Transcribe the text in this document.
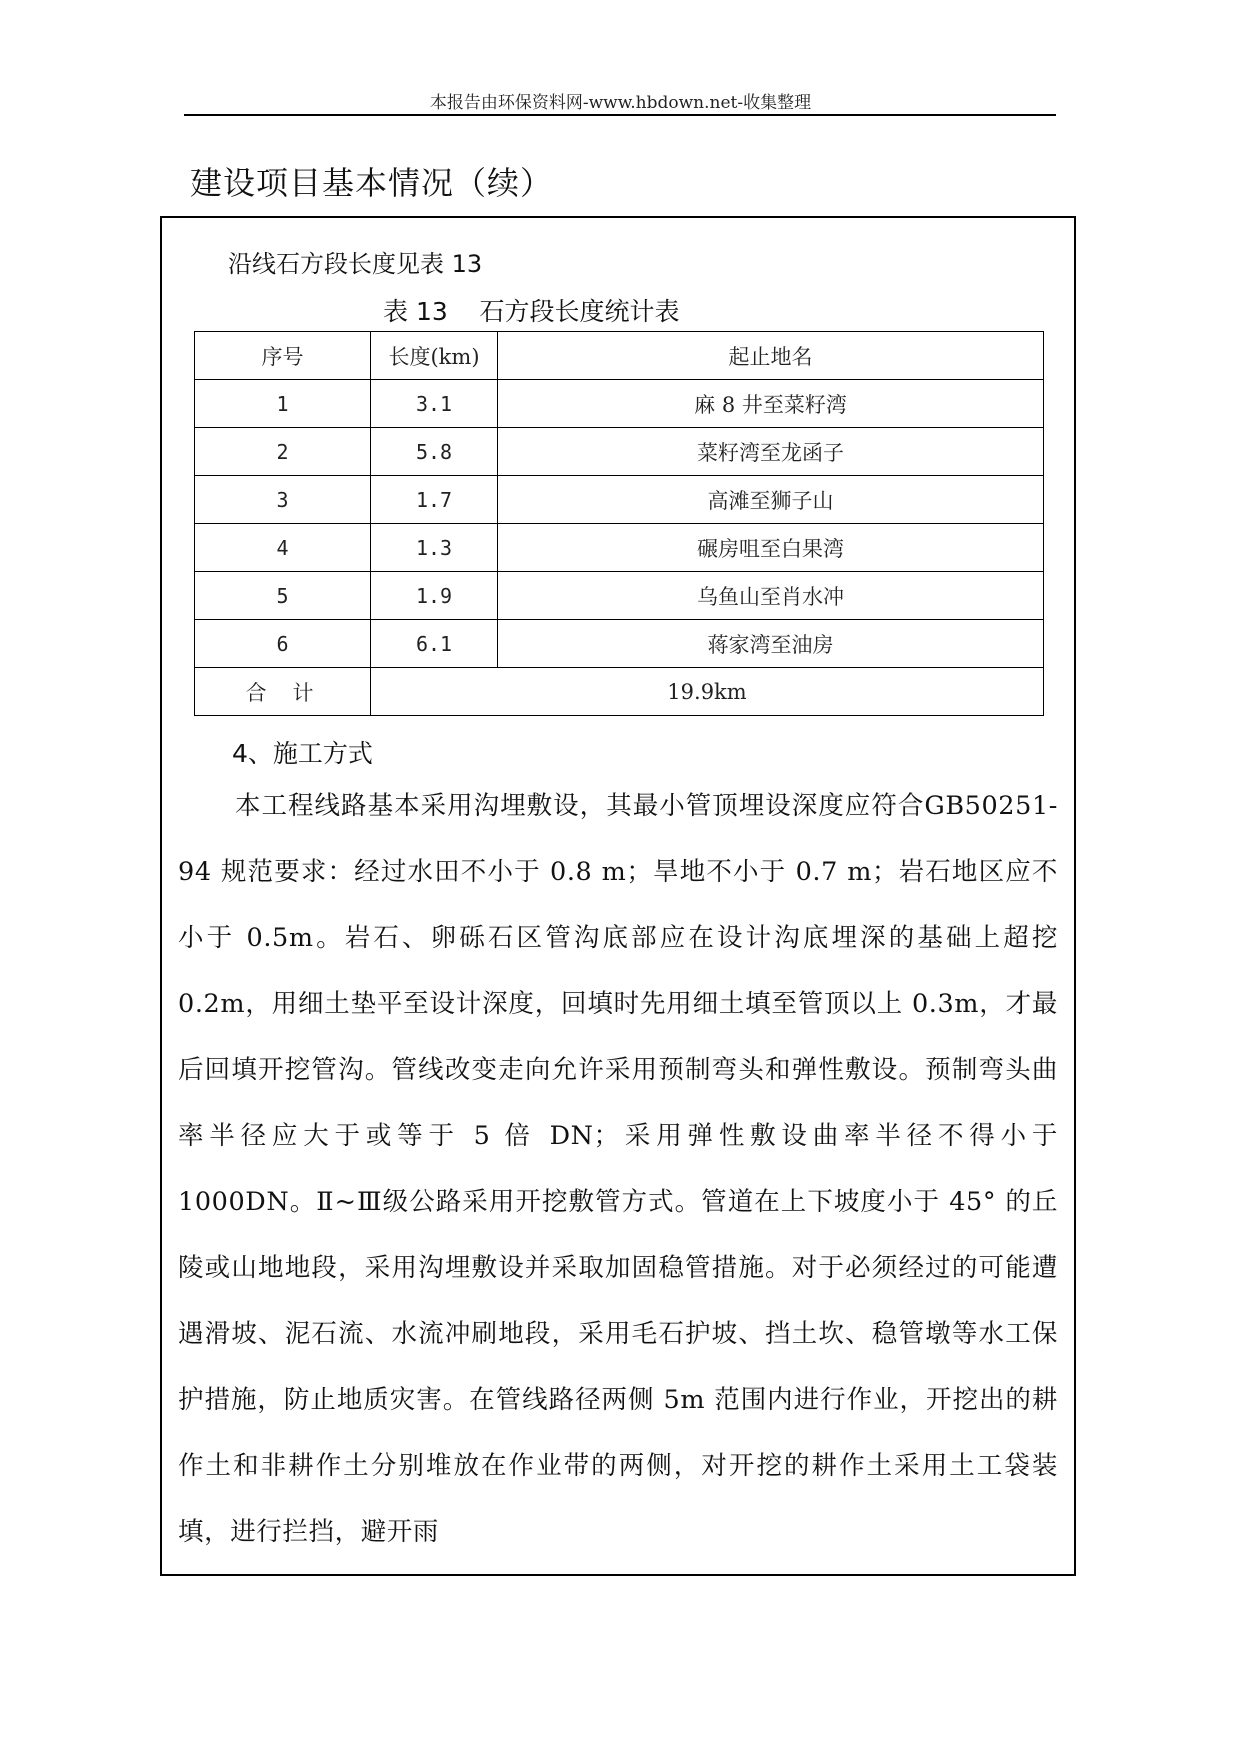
本报告由环保资料网-www.hbdown.net-收集整理
建设项目基本情况（续）
沿线石方段长度见表 13
表 13    石方段长度统计表
序号	长度(km)	起止地名
1	3.1	麻 8 井至菜籽湾
2	5.8	菜籽湾至龙函子
3	1.7	高滩至狮子山
4	1.3	碾房咀至白果湾
5	1.9	乌鱼山至肖水冲
6	6.1	蒋家湾至油房
合计	19.9km	
4、施工方式

本工程线路基本采用沟埋敷设，其最小管顶埋设深度应符合GB50251-94 规范要求：经过水田不小于 0.8 m；旱地不小于 0.7 m；岩石地区应不小于 0.5m。岩石、卵砾石区管沟底部应在设计沟底埋深的基础上超挖 0.2m，用细土垫平至设计深度，回填时先用细土填至管顶以上 0.3m，才最后回填开挖管沟。管线改变走向允许采用预制弯头和弹性敷设。预制弯头曲率半径应大于或等于 5 倍 DN；采用弹性敷设曲率半径不得小于 1000DN。Ⅱ~Ⅲ级公路采用开挖敷管方式。管道在上下坡度小于 45° 的丘陵或山地地段，采用沟埋敷设并采取加固稳管措施。对于必须经过的可能遭遇滑坡、泥石流、水流冲刷地段，采用毛石护坡、挡土坎、稳管墩等水工保护措施，防止地质灾害。在管线路径两侧 5m 范围内进行作业，开挖出的耕作土和非耕作土分别堆放在作业带的两侧，对开挖的耕作土采用土工袋装填，进行拦挡，避开雨
